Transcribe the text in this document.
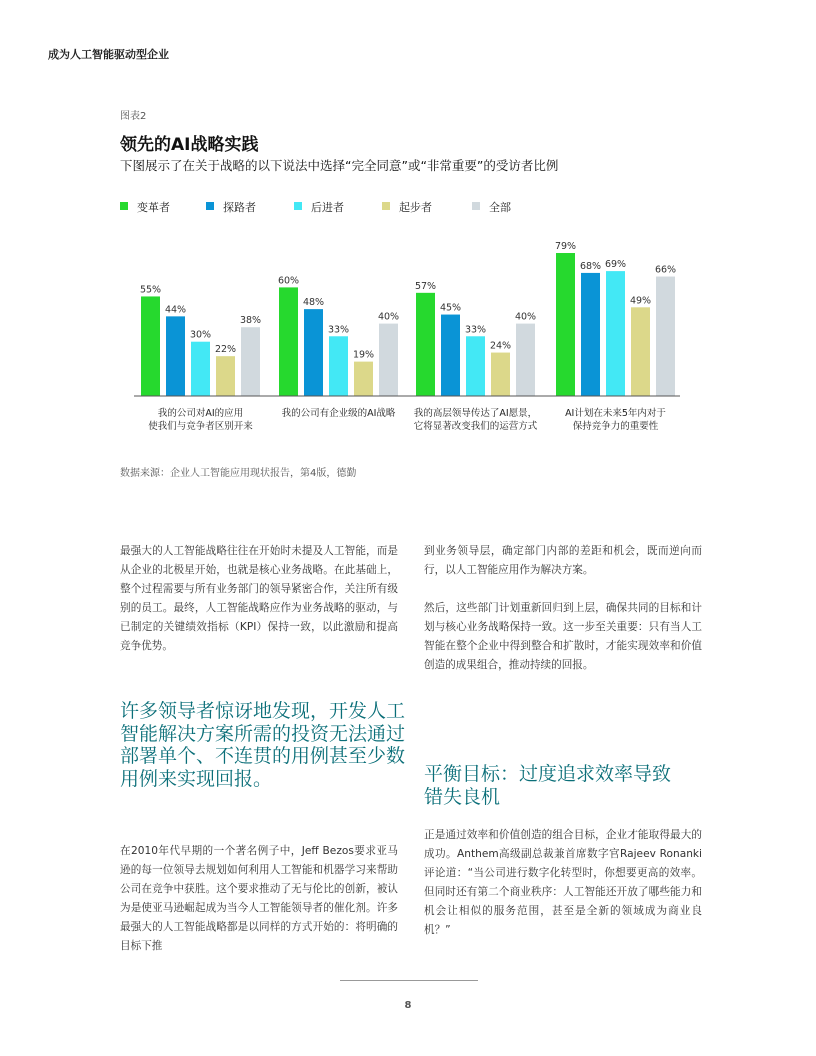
成为人工智能驱动型企业
图表2
领先的AI战略实践
下图展示了在关于战略的以下说法中选择“完全同意”或“非常重要”的受访者比例
变革者	探路者	后进者	起步者	全部
55%
60%	57%
79%
44%
48%	45%
68%
30%	33%	33%
69%
22%	19%
24%
49%
38%	40%	40%
66%
我的公司对AI的应用
使我们与竞争者区别开来
我的公司有企业级的AI战略 我的高层领导传达了AI愿景，
它将显著改变我们的运营方式
AI计划在未来5年内对于
保持竞争力的重要性
数据来源：企业人工智能应用现状报告，第4版，德勤
最强大的人工智能战略往往在开始时未提及人工智能，而是从企业的北极星开始，也就是核心业务战略。在此基础上，整个过程需要与所有业务部门的领导紧密合作，关注所有级别的员工。最终，人工智能战略应作为业务战略的驱动，与已制定的关键绩效指标（KPI）保持一致，以此激励和提高竞争优势。
许多领导者惊讶地发现，开发人工智能解决方案所需的投资无法通过部署单个、不连贯的用例甚至少数用例来实现回报。
在2010年代早期的一个著名例子中，Jeff Bezos要求亚马逊的每一位领导去规划如何利用人工智能和机器学习来帮助公司在竞争中获胜。这个要求推动了无与伦比的创新，被认为是使亚马逊崛起成为当今人工智能领导者的催化剂。许多最强大的人工智能战略都是以同样的方式开始的：将明确的目标下推
到业务领导层，确定部门内部的差距和机会，既而逆向而行，以人工智能应用作为解决方案。
然后，这些部门计划重新回归到上层，确保共同的目标和计划与核心业务战略保持一致。这一步至关重要：只有当人工智能在整个企业中得到整合和扩散时，才能实现效率和价值创造的成果组合，推动持续的回报。
平衡目标：过度追求效率导致错失良机
正是通过效率和价值创造的组合目标，企业才能取得最大的成功。Anthem高级副总裁兼首席数字官Rajeev Ronanki评论道：“当公司进行数字化转型时，你想要更高的效率。但同时还有第二个商业秩序：人工智能还开放了哪些能力和机会让相似的服务范围，甚至是全新的领域成为商业良机？”
8
